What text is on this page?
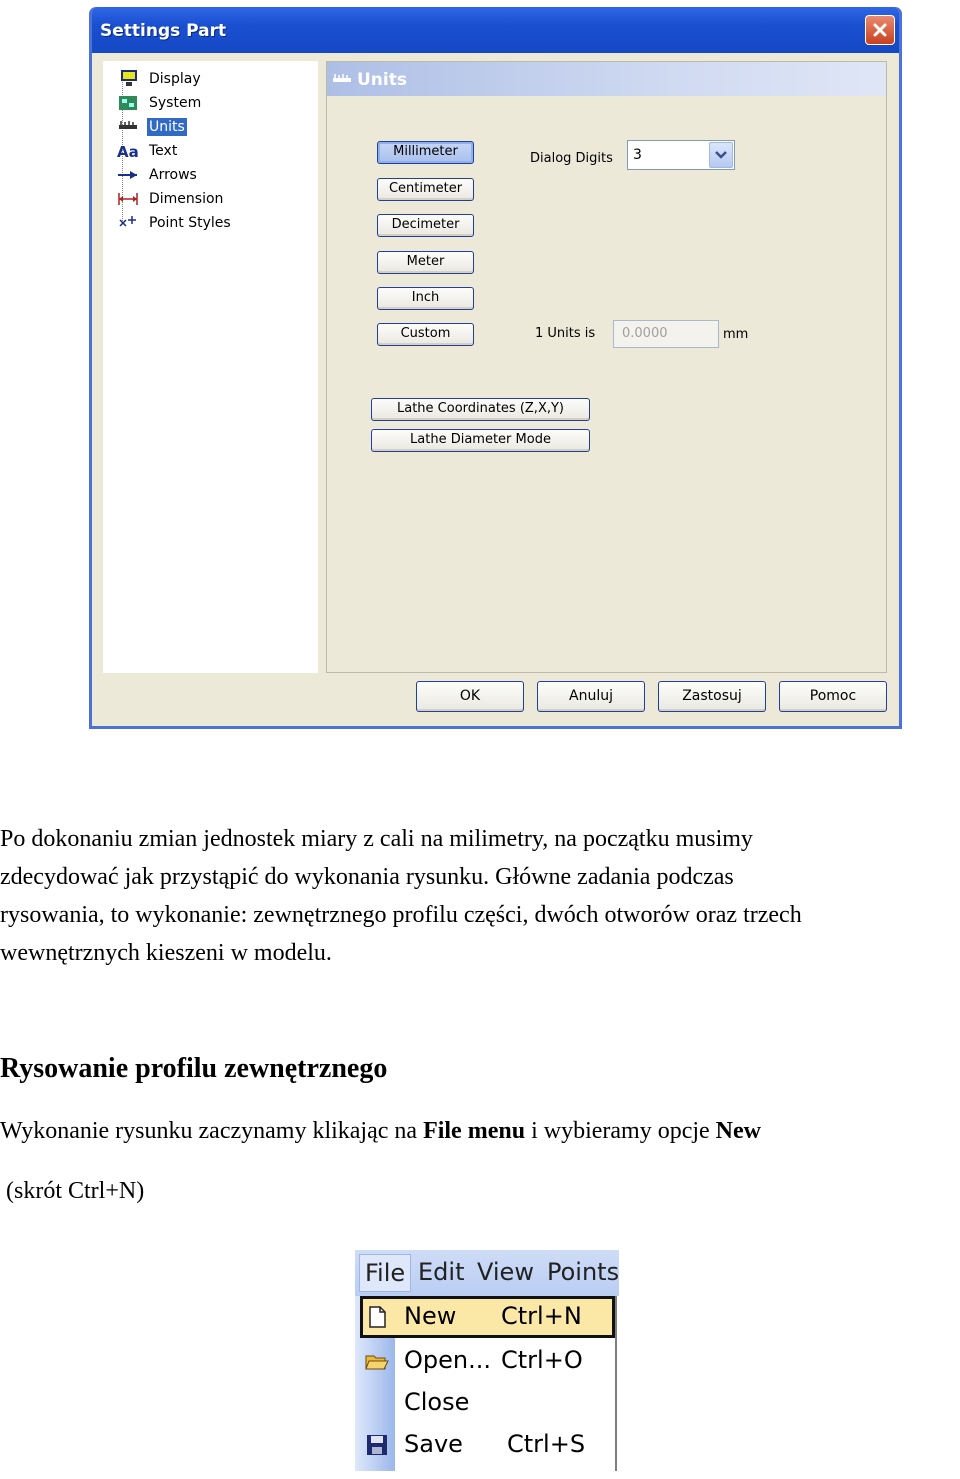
Settings Part
Display
System
Units
Aa Text
Arrows
Dimension
Point Styles
Units
Millimeter
Centimeter
Decimeter
Meter
Inch
Custom
Dialog Digits 3
1 Units is	0.0000	mm
Lathe Coordinates (Z,X,Y)
Lathe Diameter Mode
OK	Anuluj	Zastosuj	Pomoc

Po dokonaniu zmian jednostek miary z cali na milimetry, na początku musimy
zdecydować jak przystąpić do wykonania rysunku. Główne zadania podczas
rysowania, to wykonanie: zewnętrznego profilu części, dwóch otworów oraz trzech
wewnętrznych kieszeni w modelu.

Rysowanie profilu zewnętrznego

Wykonanie rysunku zaczynamy klikając na File menu i wybieramy opcje New

(skrót Ctrl+N)

File Edit View Points
New Ctrl+N
Open... Ctrl+O
Close
Save Ctrl+S
